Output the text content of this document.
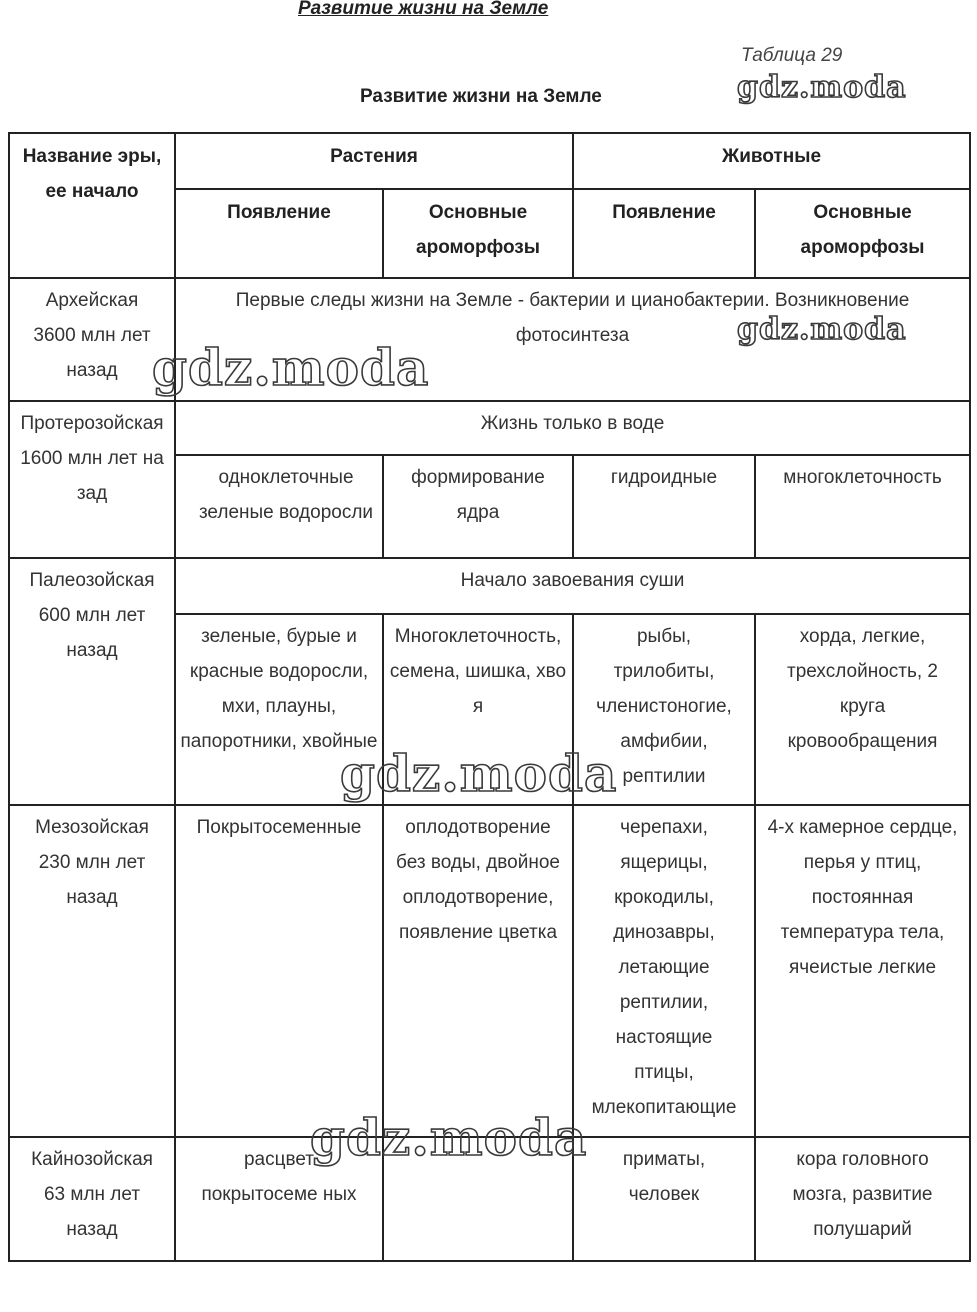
Развитие жизни на Земле
Таблица 29
Развитие жизни на Земле
Название эры, ее начало	Растения		Животные	

	Появление	Основные ароморфозы	Появление	Основные ароморфозы

Архейская 3600 млн лет назад	Первые следы жизни на Земле - бактерии и цианобактерии. Возникновение фотосинтеза			

Протерозойская 1600 млн лет назад	Жизнь только в воде			

	одноклеточные зеленые водоросли	формирование ядра	гидроидные	многоклеточность

Палеозойская 600 млн лет назад	Начало завоевания суши			

	зеленые, бурые и красные водоросли, мхи, плауны, папоротники, хвойные	Многоклеточность, семена, шишка, хвоя	рыбы, трилобиты, членистоногие, амфибии, рептилии	хорда, легкие, трехслойность, 2 круга кровообращения

Мезозойская 230 млн лет назад	Покрытосеменные	оплодотворение без воды, двойное оплодотворение, появление цветка	черепахи, ящерицы, крокодилы, динозавры, летающие рептилии, настоящие птицы, млекопитающие	4-х камерное сердце, перья у птиц, постоянная температура тела, ячеистые легкие

Кайнозойская 63 млн лет назад	расцвет покрытосеме ных		приматы, человек	кора головного мозга, развитие полушарий
gdz.moda
gdz.moda
gdz.moda
gdz.moda
gdz.moda
